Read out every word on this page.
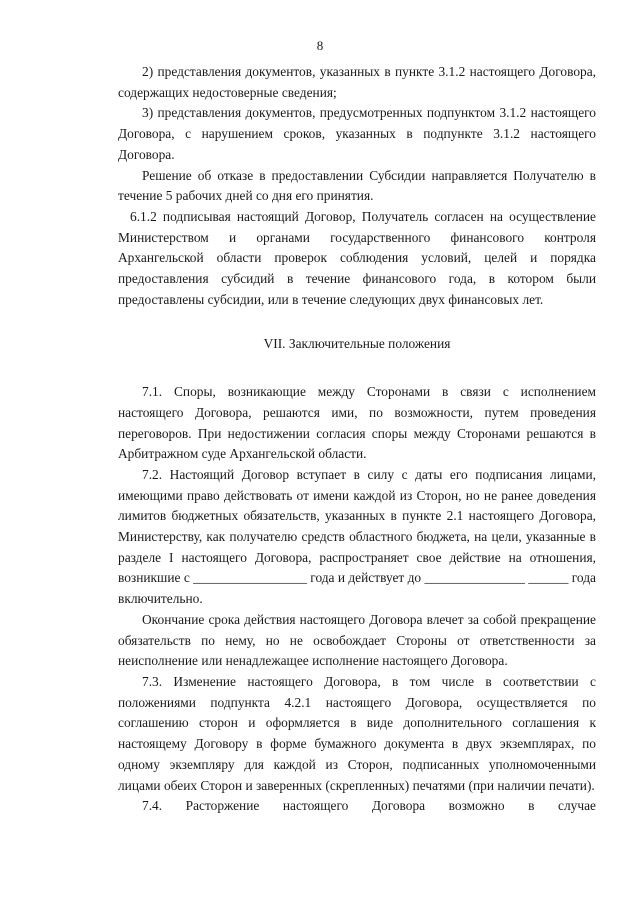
8

2) представления документов, указанных в пункте 3.1.2 настоящего Договора, содержащих недостоверные сведения;

3) представления документов, предусмотренных подпунктом 3.1.2 настоящего Договора, с нарушением сроков, указанных в подпункте 3.1.2 настоящего Договора.

Решение об отказе в предоставлении Субсидии направляется Получателю в течение 5 рабочих дней со дня его принятия.

6.1.2 подписывая настоящий Договор, Получатель согласен на осуществление Министерством и органами государственного финансового контроля Архангельской области проверок соблюдения условий, целей и порядка предоставления субсидий в течение финансового года, в котором были предоставлены субсидии, или в течение следующих двух финансовых лет.

VII. Заключительные положения

7.1. Споры, возникающие между Сторонами в связи с исполнением настоящего Договора, решаются ими, по возможности, путем проведения переговоров. При недостижении согласия споры между Сторонами решаются в Арбитражном суде Архангельской области.

7.2. Настоящий Договор вступает в силу с даты его подписания лицами, имеющими право действовать от имени каждой из Сторон, но не ранее доведения лимитов бюджетных обязательств, указанных в пункте 2.1 настоящего Договора, Министерству, как получателю средств областного бюджета, на цели, указанные в разделе I настоящего Договора, распространяет свое действие на отношения, возникшие с _________________ года и действует до _______________ ______ года включительно.

Окончание срока действия настоящего Договора влечет за собой прекращение обязательств по нему, но не освобождает Стороны от ответственности за неисполнение или ненадлежащее исполнение настоящего Договора.

7.3. Изменение настоящего Договора, в том числе в соответствии с положениями подпункта 4.2.1 настоящего Договора, осуществляется по соглашению сторон и оформляется в виде дополнительного соглашения к настоящему Договору в форме бумажного документа в двух экземплярах, по одному экземпляру для каждой из Сторон, подписанных уполномоченными лицами обеих Сторон и заверенных (скрепленных) печатями (при наличии печати).

7.4. Расторжение настоящего Договора возможно в случае
